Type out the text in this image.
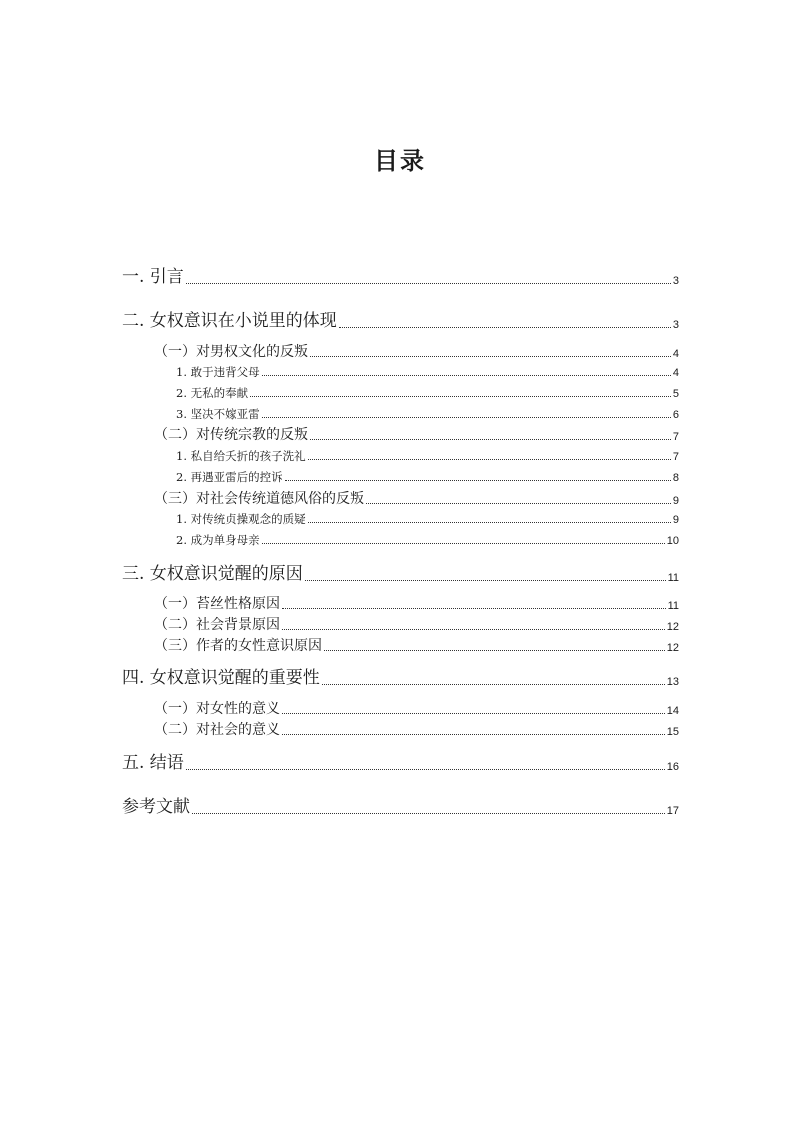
目录
一. 引言	3
二. 女权意识在小说里的体现	3
（一）对男权文化的反叛	4
1. 敢于违背父母	4
2. 无私的奉献	5
3. 坚决不嫁亚雷	6
（二）对传统宗教的反叛	7
1. 私自给夭折的孩子洗礼	7
2. 再遇亚雷后的控诉	8
（三）对社会传统道德风俗的反叛	9
1. 对传统贞操观念的质疑	9
2. 成为单身母亲	10
三. 女权意识觉醒的原因	11
（一）苔丝性格原因	11
（二）社会背景原因	12
（三）作者的女性意识原因	12
四. 女权意识觉醒的重要性	13
（一）对女性的意义	14
（二）对社会的意义	15
五. 结语	16
参考文献	17
